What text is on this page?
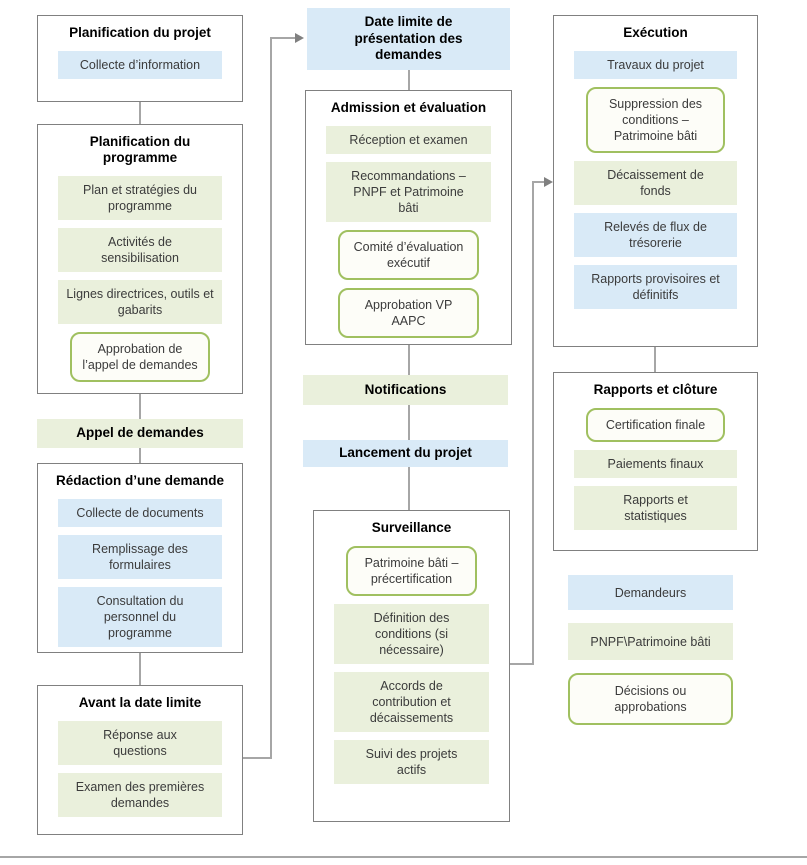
Planification du projet
Collecte d’information
Planification du programme
Plan et stratégies du programme
Activités de sensibilisation
Lignes directrices, outils et gabarits
Approbation de l’appel de demandes
Appel de demandes
Rédaction d’une demande
Collecte de documents
Remplissage des formulaires
Consultation du personnel du programme
Avant la date limite
Réponse aux questions
Examen des premières demandes
Date limite de présentation des demandes
Admission et évaluation
Réception et examen
Recommandations – PNPF et Patrimoine bâti
Comité d’évaluation exécutif
Approbation VP AAPC
Notifications
Lancement du projet
Surveillance
Patrimoine bâti – précertification
Définition des conditions (si nécessaire)
Accords de contribution et décaissements
Suivi des projets actifs
Exécution
Travaux du projet
Suppression des conditions – Patrimoine bâti
Décaissement de fonds
Relevés de flux de trésorerie
Rapports provisoires et définitifs
Rapports et clôture
Certification finale
Paiements finaux
Rapports et statistiques
Demandeurs
PNPF\Patrimoine bâti
Décisions ou approbations
